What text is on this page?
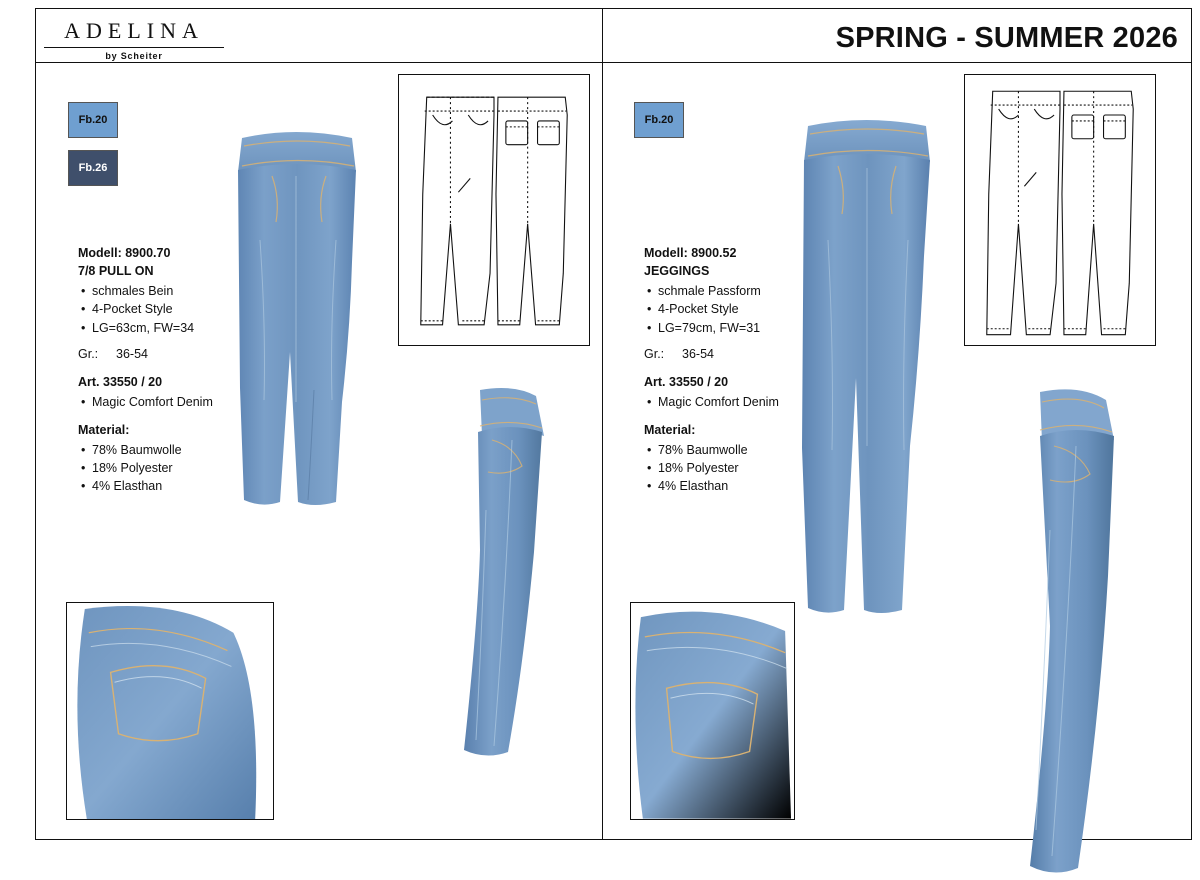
ADELINA
by Scheiter
SPRING - SUMMER 2026
Fb.20
Fb.26
Modell: 8900.70
7/8 PULL ON
• schmales Bein
• 4-Pocket Style
• LG=63cm, FW=34
Gr.: 36-54
Art. 33550 / 20
• Magic Comfort Denim
Material:
• 78% Baumwolle
• 18% Polyester
• 4% Elasthan
Fb.20
Modell: 8900.52
JEGGINGS
• schmale Passform
• 4-Pocket Style
• LG=79cm, FW=31
Gr.: 36-54
Art. 33550 / 20
• Magic Comfort Denim
Material:
• 78% Baumwolle
• 18% Polyester
• 4% Elasthan
